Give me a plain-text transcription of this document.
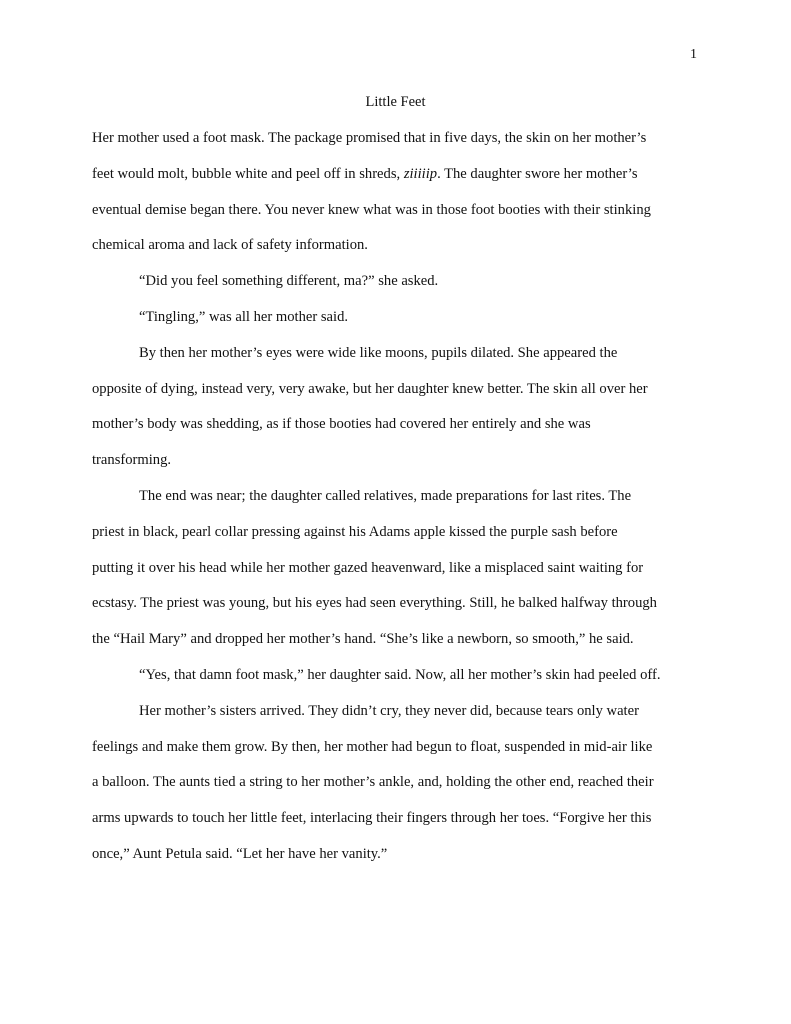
1
Little Feet
Her mother used a foot mask. The package promised that in five days, the skin on her mother’s
feet would molt, bubble white and peel off in shreds, ziiiiip. The daughter swore her mother’s
eventual demise began there. You never knew what was in those foot booties with their stinking
chemical aroma and lack of safety information.
“Did you feel something different, ma?” she asked.
“Tingling,” was all her mother said.
By then her mother’s eyes were wide like moons, pupils dilated. She appeared the
opposite of dying, instead very, very awake, but her daughter knew better. The skin all over her
mother’s body was shedding, as if those booties had covered her entirely and she was
transforming.
The end was near; the daughter called relatives, made preparations for last rites. The
priest in black, pearl collar pressing against his Adams apple kissed the purple sash before
putting it over his head while her mother gazed heavenward, like a misplaced saint waiting for
ecstasy. The priest was young, but his eyes had seen everything. Still, he balked halfway through
the “Hail Mary” and dropped her mother’s hand. “She’s like a newborn, so smooth,” he said.
“Yes, that damn foot mask,” her daughter said. Now, all her mother’s skin had peeled off.
Her mother’s sisters arrived. They didn’t cry, they never did, because tears only water
feelings and make them grow. By then, her mother had begun to float, suspended in mid-air like
a balloon. The aunts tied a string to her mother’s ankle, and, holding the other end, reached their
arms upwards to touch her little feet, interlacing their fingers through her toes. “Forgive her this
once,” Aunt Petula said. “Let her have her vanity.”
